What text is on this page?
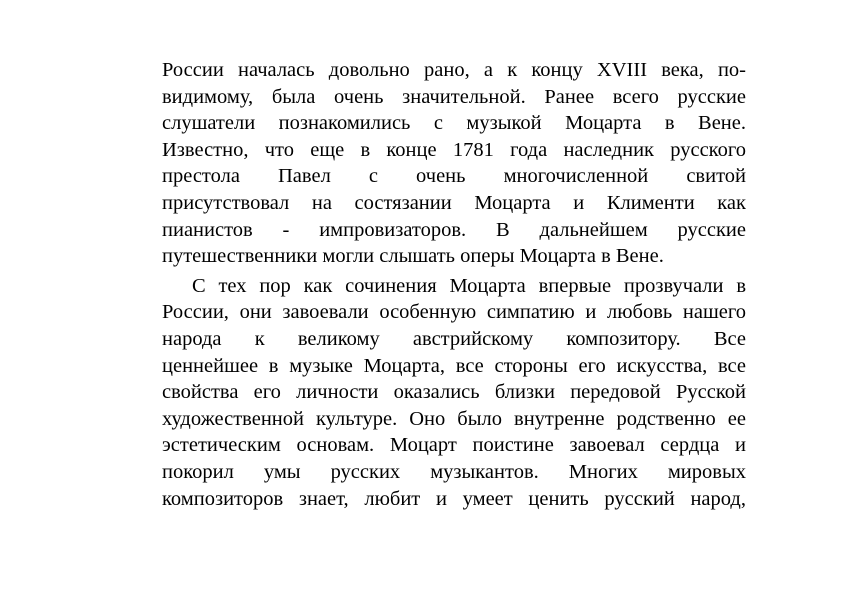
России началась довольно рано, а к концу XVIII века, по-
видимому, была очень значительной. Ранее всего русские
слушатели познакомились с музыкой Моцарта в Вене.
Известно, что еще в конце 1781 года наследник русского
престола Павел с очень многочисленной свитой
присутствовал на состязании Моцарта и Клименти как
пианистов - импровизаторов. В дальнейшем русские
путешественники могли слышать оперы Моцарта в Вене.
С тех пор как сочинения Моцарта впервые прозвучали в
России, они завоевали особенную симпатию и любовь нашего
народа к великому австрийскому композитору. Все
ценнейшее в музыке Моцарта, все стороны его искусства, все
свойства его личности оказались близки передовой Русской
художественной культуре. Оно было внутренне родственно ее
эстетическим основам. Моцарт поистине завоевал сердца и
покорил умы русских музыкантов. Многих мировых
композиторов знает, любит и умеет ценить русский народ,
